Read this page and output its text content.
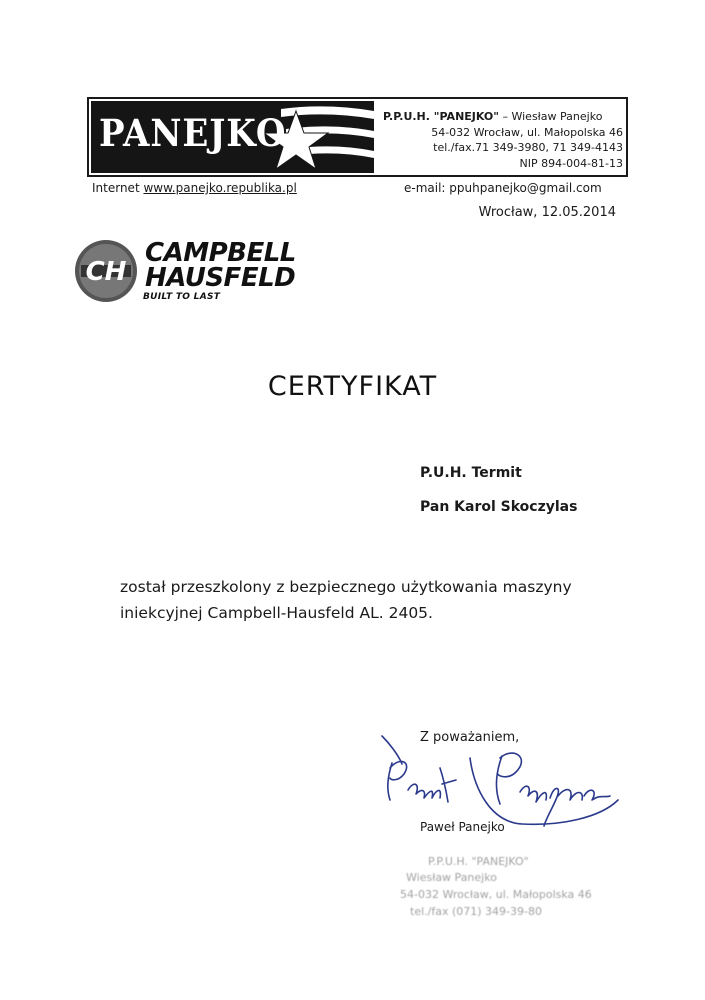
PANEJKO	P.P.U.H. "PANEJKO" – Wiesław Panejko
54-032 Wrocław, ul. Małopolska 46
tel./fax.71 349-3980, 71 349-4143
NIP 894-004-81-13
Internet www.panejko.republika.pl	e-mail: ppuhpanejko@gmail.com
Wrocław, 12.05.2014
CH
CAMPBELL
HAUSFELD
BUILT TO LAST
CERTYFIKAT
P.U.H. Termit
Pan Karol Skoczylas
został przeszkolony z bezpiecznego użytkowania maszyny
iniekcyjnej Campbell-Hausfeld AL. 2405.
Z poważaniem,
Paweł Panejko
P.P.U.H. "PANEJKO"
Wiesław Panejko
54-032 Wrocław, ul. Małopolska 46
tel./fax (071) 349-39-80
